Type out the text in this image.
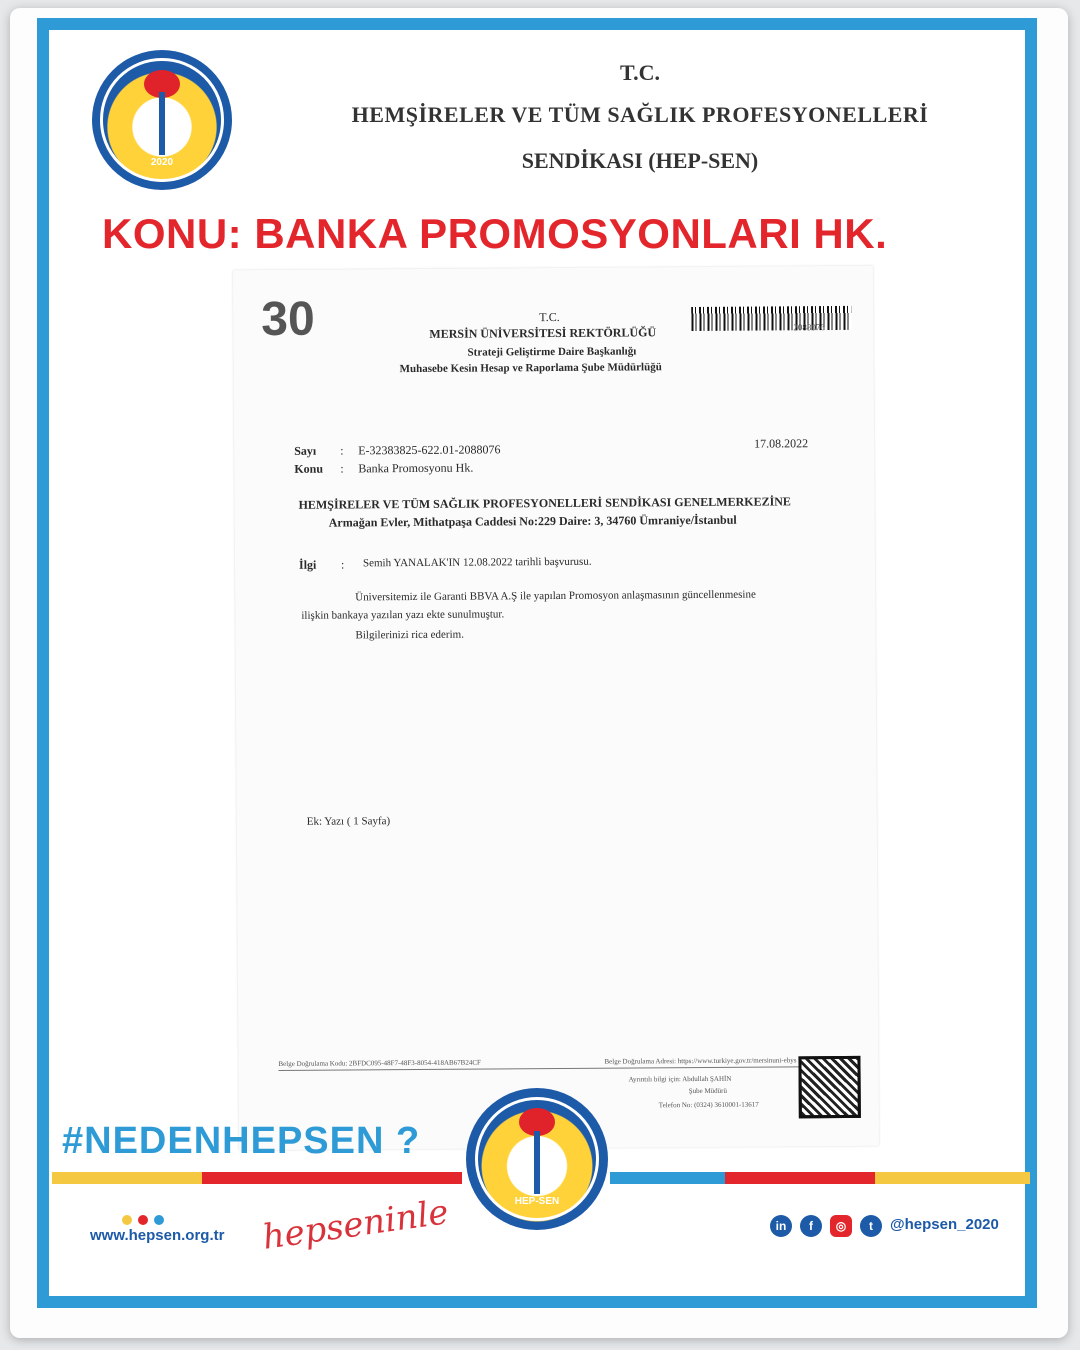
2020
T.C.
HEMŞİRELER VE TÜM SAĞLIK PROFESYONELLERİ
SENDİKASI (HEP-SEN)
KONU: BANKA PROMOSYONLARI HK.
30	2088076
T.C.
MERSİN ÜNİVERSİTESİ REKTÖRLÜĞÜ
Strateji Geliştirme Daire Başkanlığı
Muhasebe Kesin Hesap ve Raporlama Şube Müdürlüğü
Sayı : E-32383825-622.01-2088076	17.08.2022
Konu : Banka Promosyonu Hk.
HEMŞİRELER VE TÜM SAĞLIK PROFESYONELLERİ SENDİKASI GENELMERKEZİNE
Armağan Evler, Mithatpaşa Caddesi No:229 Daire: 3, 34760 Ümraniye/İstanbul
İlgi : Semih YANALAK'IN 12.08.2022 tarihli başvurusu.
Üniversitemiz ile Garanti BBVA A.Ş ile yapılan Promosyon anlaşmasının güncellenmesine
ilişkin bankaya yazılan yazı ekte sunulmuştur.
Bilgilerinizi rica ederim.
Ek: Yazı ( 1 Sayfa)
Belge Doğrulama Kodu: 2BFDC095-48F7-48F3-8054-418AB67B24CF	Belge Doğrulama Adresi: https://www.turkiye.gov.tr/mersinuni-ebys
Ayrıntılı bilgi için: Abdullah ŞAHİN
Şube Müdürü
Telefon No: (0324) 3610001-13617
#NEDENHEPSEN ?
HEP-SEN
www.hepsen.org.tr hepseninle	in	f	◎	t	@hepsen_2020
